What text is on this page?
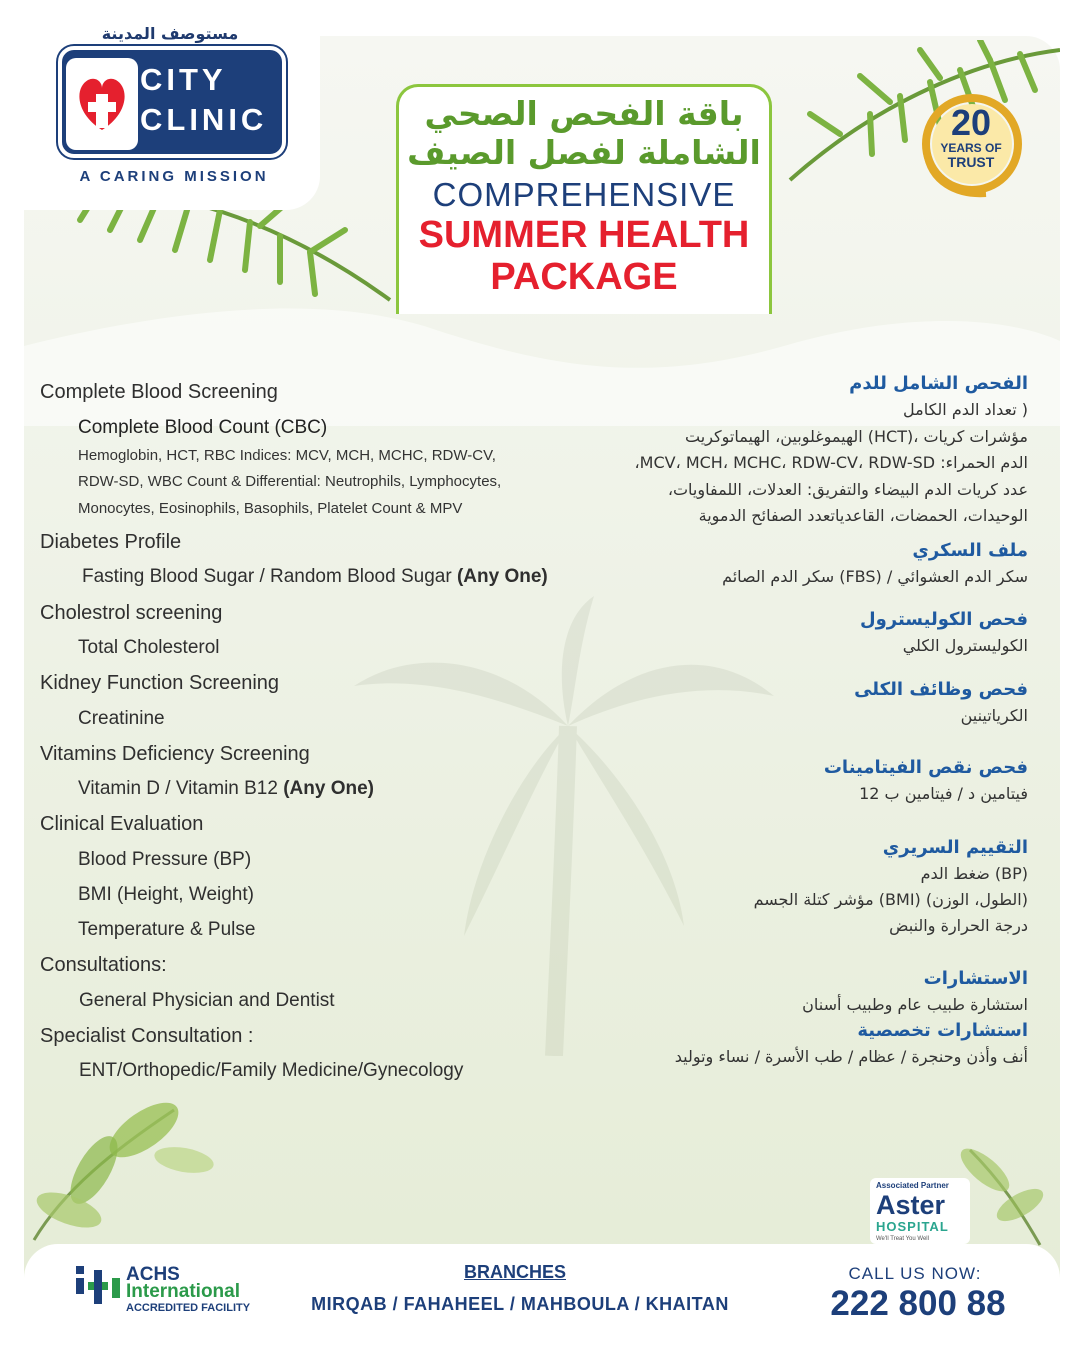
مستوصف المدينة
CITY
CLINIC
A CARING MISSION
باقة الفحص الصحي
الشاملة لفصل الصيف
COMPREHENSIVE
SUMMER HEALTH
PACKAGE
20
YEARS OF
TRUST
Complete Blood Screening
Complete Blood Count (CBC)
Hemoglobin, HCT, RBC Indices: MCV, MCH, MCHC, RDW-CV,
RDW-SD, WBC Count & Differential: Neutrophils, Lymphocytes,
Monocytes, Eosinophils, Basophils, Platelet Count & MPV
Diabetes Profile
Fasting Blood Sugar / Random Blood Sugar (Any One)
Cholestrol screening
Total Cholesterol
Kidney Function Screening
Creatinine
Vitamins Deficiency Screening
Vitamin D / Vitamin B12 (Any One)
Clinical Evaluation
Blood Pressure (BP)
BMI (Height, Weight)
Temperature & Pulse
Consultations:
General Physician and Dentist
Specialist Consultation :
ENT/Orthopedic/Family Medicine/Gynecology
الفحص الشامل للدم
( تعداد الدم الكامل
مؤشرات كريات ،(HCT) الهيموغلوبين، الهيماتوكريت
الدم الحمراء: MCV، MCH، MCHC، RDW-CV، RDW-SD،
عدد كريات الدم البيضاء والتفريق: العدلات، اللمفاويات،
الوحيدات، الحمضات، القاعدياتعدد الصفائح الدموية
ملف السكري
سكر الدم العشوائي / (FBS) سكر الدم الصائم
فحص الكوليسترول
الكوليسترول الكلي
فحص وظائف الكلى
الكرياتينين
فحص نقص الفيتامينات
فيتامين د / فيتامين ب 12
التقييم السريري
(BP) ضغط الدم
(الطول، الوزن) (BMI) مؤشر كتلة الجسم
درجة الحرارة والنبض
الاستشارات
استشارة طبيب عام وطبيب أسنان
استشارات تخصصية
أنف وأذن وحنجرة / عظام / طب الأسرة / نساء وتوليد
Associated Partner
Aster
HOSPITAL
We'll Treat You Well
ACHS
International
ACCREDITED FACILITY
BRANCHES
MIRQAB / FAHAHEEL / MAHBOULA / KHAITAN
CALL US NOW:
222 800 88
